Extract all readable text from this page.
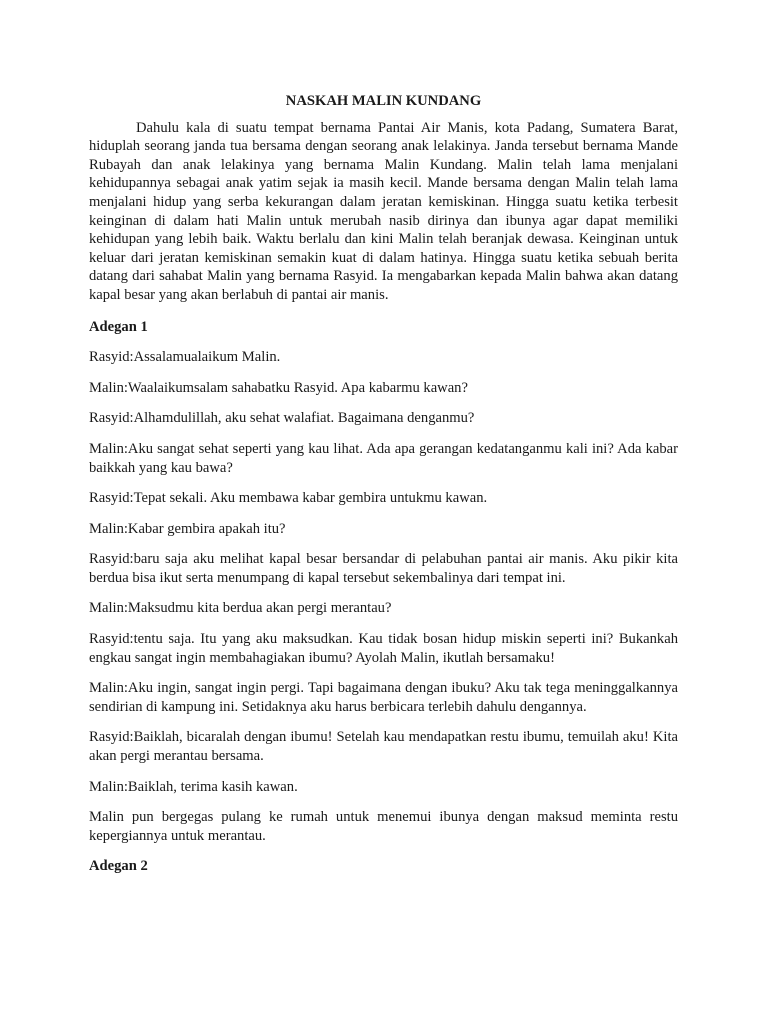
NASKAH MALIN KUNDANG

Dahulu kala di suatu tempat bernama Pantai Air Manis, kota Padang, Sumatera Barat, hiduplah seorang janda tua bersama dengan seorang anak lelakinya. Janda tersebut bernama Mande Rubayah dan anak lelakinya yang bernama Malin Kundang. Malin telah lama menjalani kehidupannya sebagai anak yatim sejak ia masih kecil. Mande bersama dengan Malin telah lama menjalani hidup yang serba kekurangan dalam jeratan kemiskinan. Hingga suatu ketika terbesit keinginan di dalam hati Malin untuk merubah nasib dirinya dan ibunya agar dapat memiliki kehidupan yang lebih baik. Waktu berlalu dan kini Malin telah beranjak dewasa. Keinginan untuk keluar dari jeratan kemiskinan semakin kuat di dalam hatinya. Hingga suatu ketika sebuah berita datang dari sahabat Malin yang bernama Rasyid. Ia mengabarkan kepada Malin bahwa akan datang kapal besar yang akan berlabuh di pantai air manis.

Adegan 1

Rasyid:Assalamualaikum Malin.

Malin:Waalaikumsalam sahabatku Rasyid. Apa kabarmu kawan?

Rasyid:Alhamdulillah, aku sehat walafiat. Bagaimana denganmu?

Malin:Aku sangat sehat seperti yang kau lihat. Ada apa gerangan kedatanganmu kali ini? Ada kabar baikkah yang kau bawa?

Rasyid:Tepat sekali. Aku membawa kabar gembira untukmu kawan.

Malin:Kabar gembira apakah itu?

Rasyid:baru saja aku melihat kapal besar bersandar di pelabuhan pantai air manis. Aku pikir kita berdua bisa ikut serta menumpang di kapal tersebut sekembalinya dari tempat ini.

Malin:Maksudmu kita berdua akan pergi merantau?

Rasyid:tentu saja. Itu yang aku maksudkan. Kau tidak bosan hidup miskin seperti ini? Bukankah engkau sangat ingin membahagiakan ibumu? Ayolah Malin, ikutlah bersamaku!

Malin:Aku ingin, sangat ingin pergi. Tapi bagaimana dengan ibuku? Aku tak tega meninggalkannya sendirian di kampung ini. Setidaknya aku harus berbicara terlebih dahulu dengannya.

Rasyid:Baiklah, bicaralah dengan ibumu! Setelah kau mendapatkan restu ibumu, temuilah aku! Kita akan pergi merantau bersama.

Malin:Baiklah, terima kasih kawan.

Malin pun bergegas pulang ke rumah untuk menemui ibunya dengan maksud meminta restu kepergiannya untuk merantau.

Adegan 2
